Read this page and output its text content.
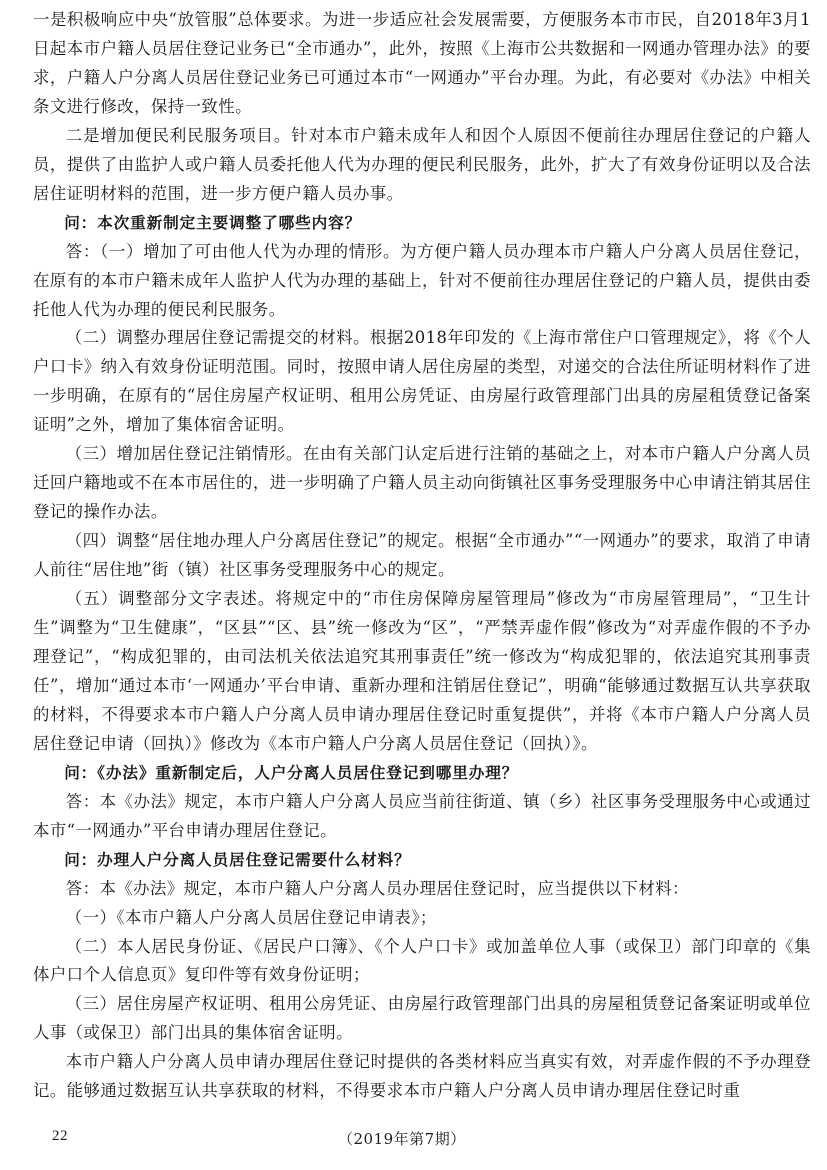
一是积极响应中央“放管服”总体要求。为进一步适应社会发展需要，方便服务本市市民，自2018年3月1日起本市户籍人员居住登记业务已“全市通办”，此外，按照《上海市公共数据和一网通办管理办法》的要求，户籍人户分离人员居住登记业务已可通过本市“一网通办”平台办理。为此，有必要对《办法》中相关条文进行修改，保持一致性。

二是增加便民利民服务项目。针对本市户籍未成年人和因个人原因不便前往办理居住登记的户籍人员，提供了由监护人或户籍人员委托他人代为办理的便民利民服务，此外，扩大了有效身份证明以及合法居住证明材料的范围，进一步方便户籍人员办事。

问：本次重新制定主要调整了哪些内容？

答：（一）增加了可由他人代为办理的情形。为方便户籍人员办理本市户籍人户分离人员居住登记，在原有的本市户籍未成年人监护人代为办理的基础上，针对不便前往办理居住登记的户籍人员，提供由委托他人代为办理的便民利民服务。

（二）调整办理居住登记需提交的材料。根据2018年印发的《上海市常住户口管理规定》，将《个人户口卡》纳入有效身份证明范围。同时，按照申请人居住房屋的类型，对递交的合法住所证明材料作了进一步明确，在原有的“居住房屋产权证明、租用公房凭证、由房屋行政管理部门出具的房屋租赁登记备案证明”之外，增加了集体宿舍证明。

（三）增加居住登记注销情形。在由有关部门认定后进行注销的基础之上，对本市户籍人户分离人员迁回户籍地或不在本市居住的，进一步明确了户籍人员主动向街镇社区事务受理服务中心申请注销其居住登记的操作办法。

（四）调整“居住地办理人户分离居住登记”的规定。根据“全市通办”“一网通办”的要求，取消了申请人前往“居住地”街（镇）社区事务受理服务中心的规定。

（五）调整部分文字表述。将规定中的“市住房保障房屋管理局”修改为“市房屋管理局”，“卫生计生”调整为“卫生健康”，“区县”“区、县”统一修改为“区”，“严禁弄虚作假”修改为“对弄虚作假的不予办理登记”，“构成犯罪的，由司法机关依法追究其刑事责任”统一修改为“构成犯罪的，依法追究其刑事责任”，增加“通过本市‘一网通办’平台申请、重新办理和注销居住登记”，明确“能够通过数据互认共享获取的材料，不得要求本市户籍人户分离人员申请办理居住登记时重复提供”，并将《本市户籍人户分离人员居住登记申请（回执）》修改为《本市户籍人户分离人员居住登记（回执）》。

问：《办法》重新制定后，人户分离人员居住登记到哪里办理？

答：本《办法》规定，本市户籍人户分离人员应当前往街道、镇（乡）社区事务受理服务中心或通过本市“一网通办”平台申请办理居住登记。

问：办理人户分离人员居住登记需要什么材料？

答：本《办法》规定，本市户籍人户分离人员办理居住登记时，应当提供以下材料：

（一）《本市户籍人户分离人员居住登记申请表》；

（二）本人居民身份证、《居民户口簿》、《个人户口卡》或加盖单位人事（或保卫）部门印章的《集体户口个人信息页》复印件等有效身份证明；

（三）居住房屋产权证明、租用公房凭证、由房屋行政管理部门出具的房屋租赁登记备案证明或单位人事（或保卫）部门出具的集体宿舍证明。

本市户籍人户分离人员申请办理居住登记时提供的各类材料应当真实有效，对弄虚作假的不予办理登记。能够通过数据互认共享获取的材料，不得要求本市户籍人户分离人员申请办理居住登记时重

22	（2019年第7期）
